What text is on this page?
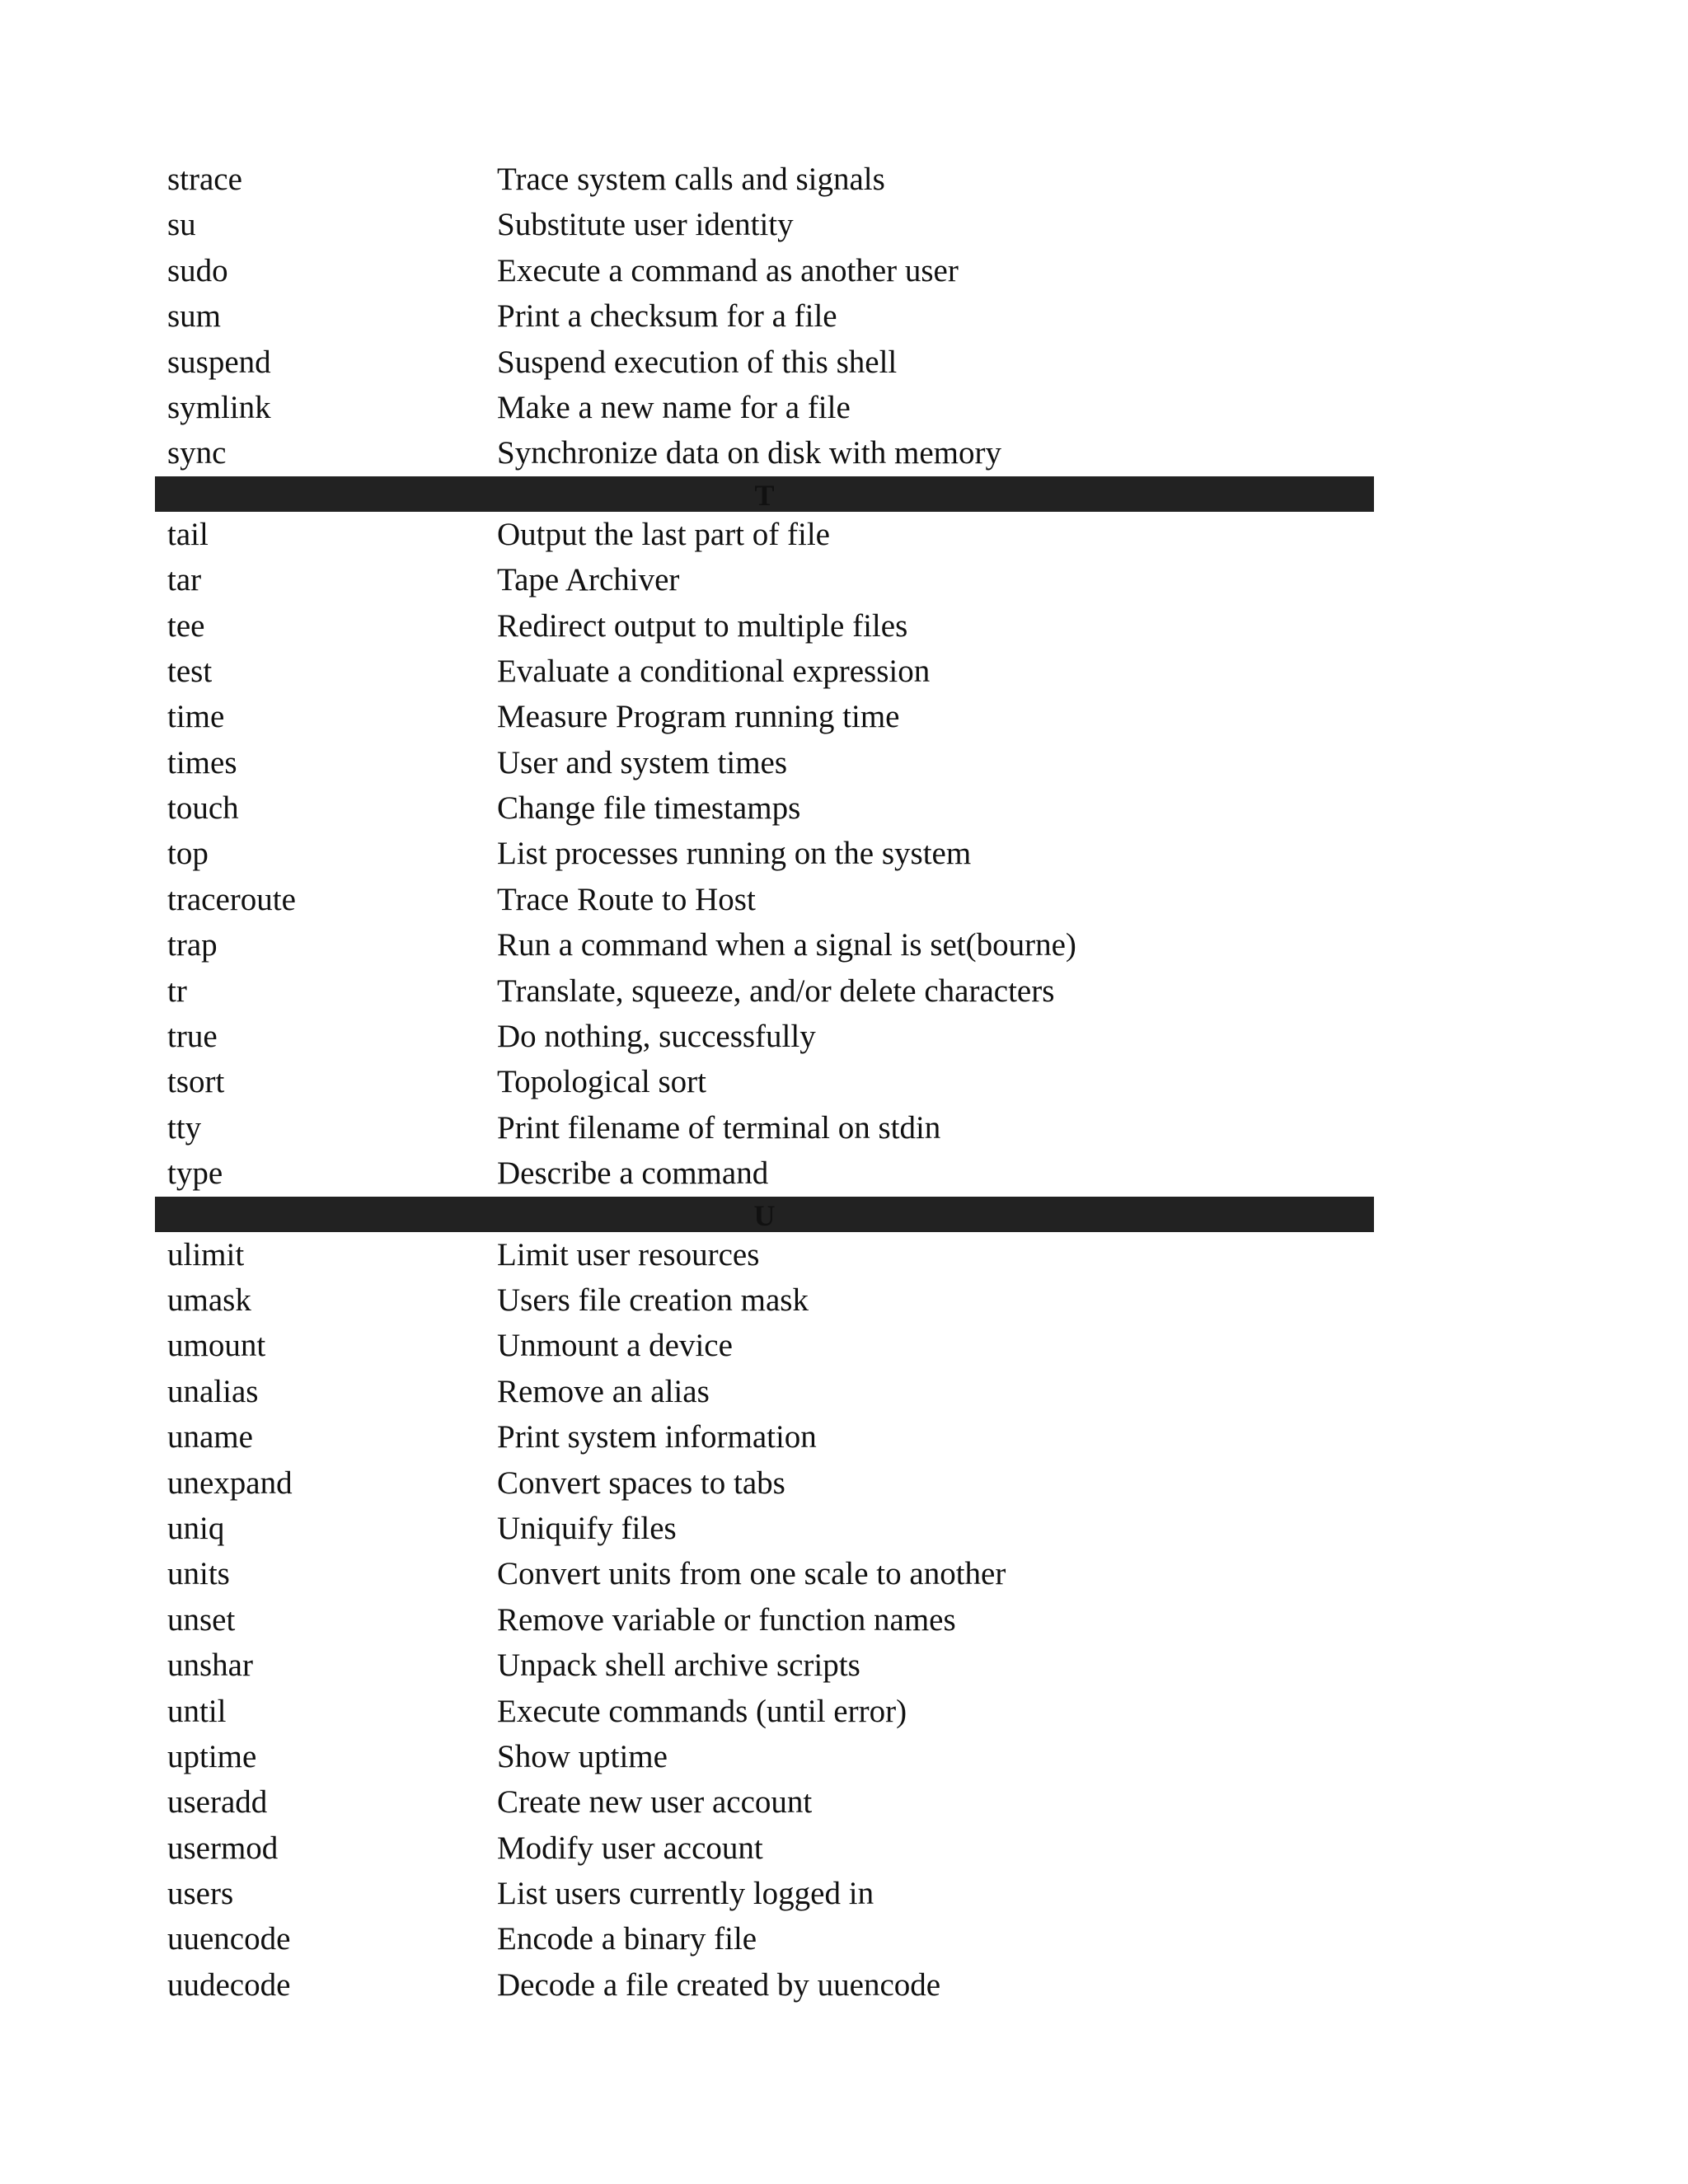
strace	Trace system calls and signals
su	Substitute user identity
sudo	Execute a command as another user
sum	Print a checksum for a file
suspend	Suspend execution of this shell
symlink	Make a new name for a file
sync	Synchronize data on disk with memory
T
tail	Output the last part of file
tar	Tape Archiver
tee	Redirect output to multiple files
test	Evaluate a conditional expression
time	Measure Program running time
times	User and system times
touch	Change file timestamps
top	List processes running on the system
traceroute	Trace Route to Host
trap	Run a command when a signal is set(bourne)
tr	Translate, squeeze, and/or delete characters
true	Do nothing, successfully
tsort	Topological sort
tty	Print filename of terminal on stdin
type	Describe a command
U
ulimit	Limit user resources
umask	Users file creation mask
umount	Unmount a device
unalias	Remove an alias
uname	Print system information
unexpand	Convert spaces to tabs
uniq	Uniquify files
units	Convert units from one scale to another
unset	Remove variable or function names
unshar	Unpack shell archive scripts
until	Execute commands (until error)
uptime	Show uptime
useradd	Create new user account
usermod	Modify user account
users	List users currently logged in
uuencode	Encode a binary file
uudecode	Decode a file created by uuencode
